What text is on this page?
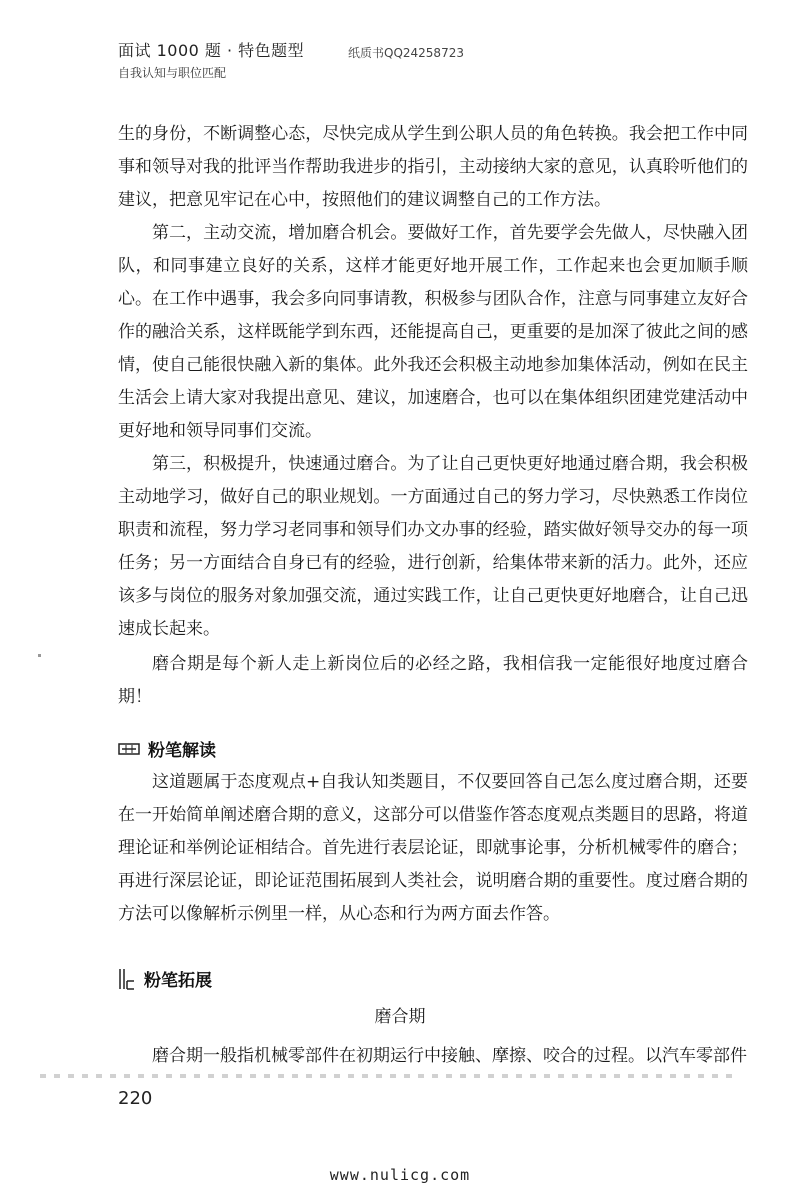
面试 1000 题 · 特色题型
自我认知与职位匹配
纸质书QQ24258723

生的身份，不断调整心态，尽快完成从学生到公职人员的角色转换。我会把工作中同事和领导对我的批评当作帮助我进步的指引，主动接纳大家的意见，认真聆听他们的建议，把意见牢记在心中，按照他们的建议调整自己的工作方法。

第二，主动交流，增加磨合机会。要做好工作，首先要学会先做人，尽快融入团队，和同事建立良好的关系，这样才能更好地开展工作，工作起来也会更加顺手顺心。在工作中遇事，我会多向同事请教，积极参与团队合作，注意与同事建立友好合作的融洽关系，这样既能学到东西，还能提高自己，更重要的是加深了彼此之间的感情，使自己能很快融入新的集体。此外我还会积极主动地参加集体活动，例如在民主生活会上请大家对我提出意见、建议，加速磨合，也可以在集体组织团建党建活动中更好地和领导同事们交流。

第三，积极提升，快速通过磨合。为了让自己更快更好地通过磨合期，我会积极主动地学习，做好自己的职业规划。一方面通过自己的努力学习，尽快熟悉工作岗位职责和流程，努力学习老同事和领导们办文办事的经验，踏实做好领导交办的每一项任务；另一方面结合自身已有的经验，进行创新，给集体带来新的活力。此外，还应该多与岗位的服务对象加强交流，通过实践工作，让自己更快更好地磨合，让自己迅速成长起来。

磨合期是每个新人走上新岗位后的必经之路，我相信我一定能很好地度过磨合期！

粉笔解读

这道题属于态度观点+自我认知类题目，不仅要回答自己怎么度过磨合期，还要在一开始简单阐述磨合期的意义，这部分可以借鉴作答态度观点类题目的思路，将道理论证和举例论证相结合。首先进行表层论证，即就事论事，分析机械零件的磨合；再进行深层论证，即论证范围拓展到人类社会，说明磨合期的重要性。度过磨合期的方法可以像解析示例里一样，从心态和行为两方面去作答。

粉笔拓展
磨合期
磨合期一般指机械零部件在初期运行中接触、摩擦、咬合的过程。以汽车零部件
220
www.nulicg.com
